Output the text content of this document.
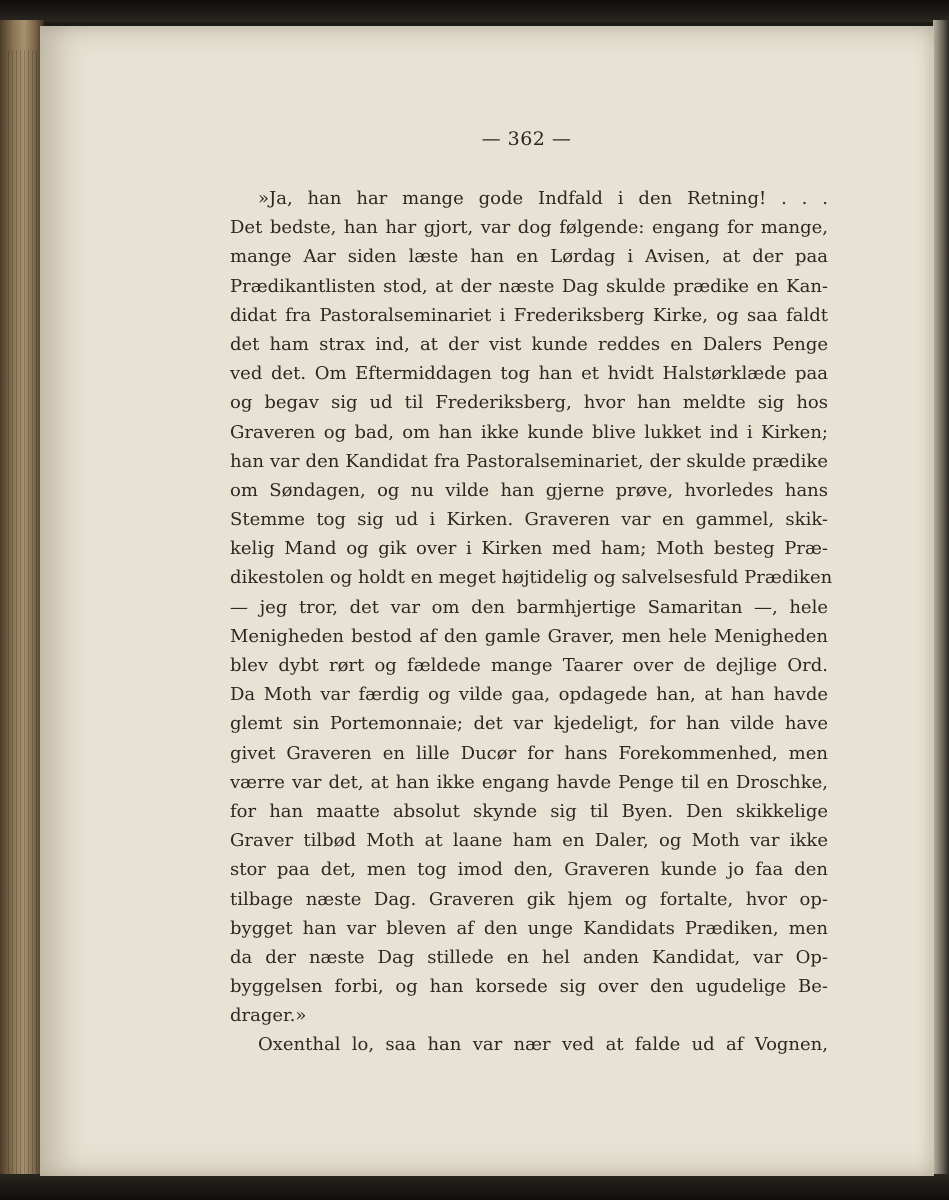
— 362 —
»Ja, han har mange gode Indfald i den Retning! . . .
Det bedste, han har gjort, var dog følgende: engang for mange,
mange Aar siden læste han en Lørdag i Avisen, at der paa
Prædikantlisten stod, at der næste Dag skulde prædike en Kan-
didat fra Pastoralseminariet i Frederiksberg Kirke, og saa faldt
det ham strax ind, at der vist kunde reddes en Dalers Penge
ved det. Om Eftermiddagen tog han et hvidt Halstørklæde paa
og begav sig ud til Frederiksberg, hvor han meldte sig hos
Graveren og bad, om han ikke kunde blive lukket ind i Kirken;
han var den Kandidat fra Pastoralseminariet, der skulde prædike
om Søndagen, og nu vilde han gjerne prøve, hvorledes hans
Stemme tog sig ud i Kirken. Graveren var en gammel, skik-
kelig Mand og gik over i Kirken med ham; Moth besteg Præ-
dikestolen og holdt en meget højtidelig og salvelsesfuld Prædiken
— jeg tror, det var om den barmhjertige Samaritan —, hele
Menigheden bestod af den gamle Graver, men hele Menigheden
blev dybt rørt og fældede mange Taarer over de dejlige Ord.
Da Moth var færdig og vilde gaa, opdagede han, at han havde
glemt sin Portemonnaie; det var kjedeligt, for han vilde have
givet Graveren en lille Ducør for hans Forekommenhed, men
værre var det, at han ikke engang havde Penge til en Droschke,
for han maatte absolut skynde sig til Byen. Den skikkelige
Graver tilbød Moth at laane ham en Daler, og Moth var ikke
stor paa det, men tog imod den, Graveren kunde jo faa den
tilbage næste Dag. Graveren gik hjem og fortalte, hvor op-
bygget han var bleven af den unge Kandidats Prædiken, men
da der næste Dag stillede en hel anden Kandidat, var Op-
byggelsen forbi, og han korsede sig over den ugudelige Be-
drager.»
Oxenthal lo, saa han var nær ved at falde ud af Vognen,
